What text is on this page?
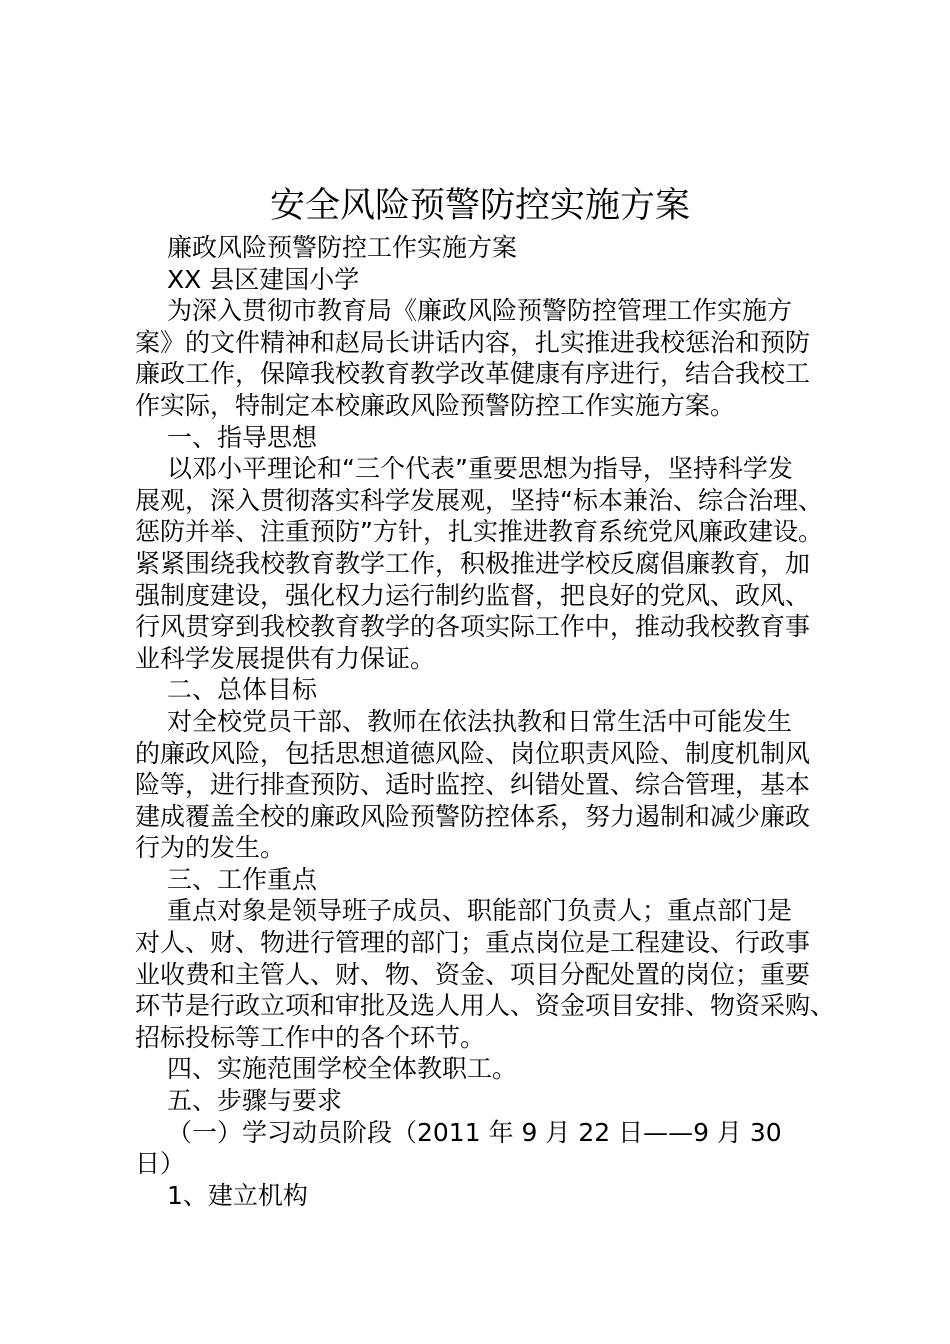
安全风险预警防控实施方案
廉政风险预警防控工作实施方案
XX 县区建国小学
为深入贯彻市教育局《廉政风险预警防控管理工作实施方
案》的文件精神和赵局长讲话内容，扎实推进我校惩治和预防
廉政工作，保障我校教育教学改革健康有序进行，结合我校工
作实际，特制定本校廉政风险预警防控工作实施方案。
一、指导思想
以邓小平理论和“三个代表”重要思想为指导，坚持科学发
展观，深入贯彻落实科学发展观，坚持“标本兼治、综合治理、
惩防并举、注重预防”方针，扎实推进教育系统党风廉政建设。
紧紧围绕我校教育教学工作，积极推进学校反腐倡廉教育，加
强制度建设，强化权力运行制约监督，把良好的党风、政风、
行风贯穿到我校教育教学的各项实际工作中，推动我校教育事
业科学发展提供有力保证。
二、总体目标
对全校党员干部、教师在依法执教和日常生活中可能发生
的廉政风险，包括思想道德风险、岗位职责风险、制度机制风
险等，进行排查预防、适时监控、纠错处置、综合管理，基本
建成覆盖全校的廉政风险预警防控体系，努力遏制和减少廉政
行为的发生。
三、工作重点
重点对象是领导班子成员、职能部门负责人；重点部门是
对人、财、物进行管理的部门；重点岗位是工程建设、行政事
业收费和主管人、财、物、资金、项目分配处置的岗位；重要
环节是行政立项和审批及选人用人、资金项目安排、物资采购、
招标投标等工作中的各个环节。
四、实施范围学校全体教职工。
五、步骤与要求
（一）学习动员阶段（2011 年 9 月 22 日——9 月 30
日）
1、建立机构
